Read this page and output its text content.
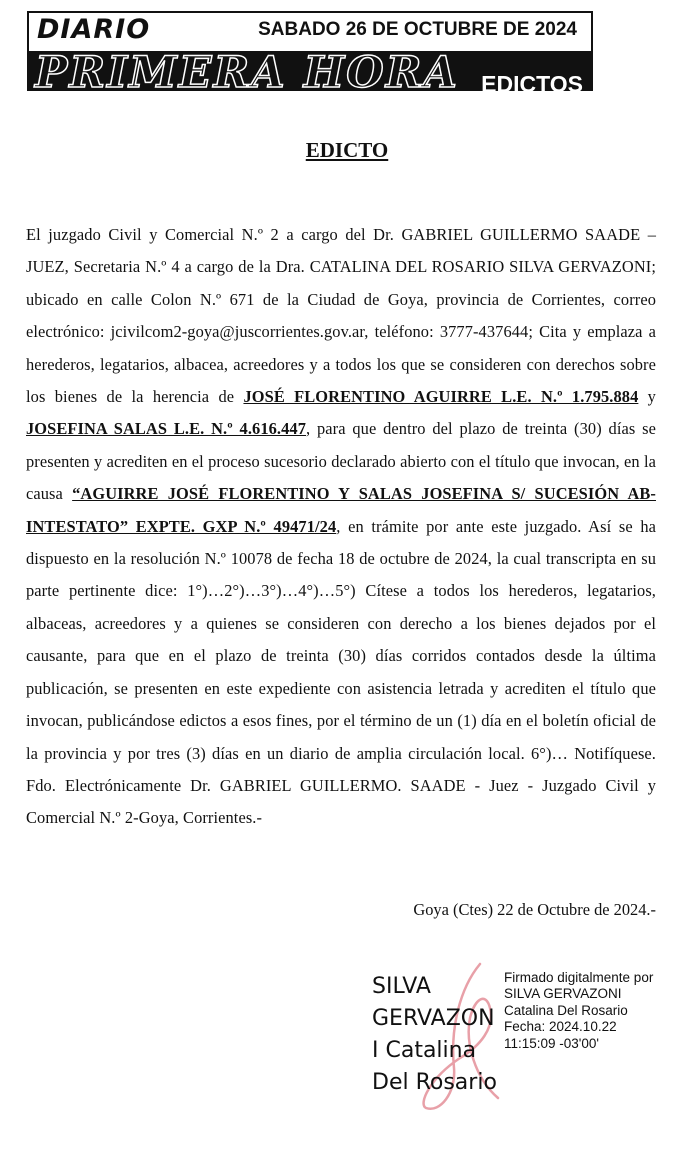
DIARIO	SABADO 26 DE OCTUBRE DE 2024
PRIMERA HORA EDICTOS
EDICTO
El juzgado Civil y Comercial N.º 2 a cargo del Dr. GABRIEL GUILLERMO SAADE – JUEZ, Secretaria N.º 4 a cargo de la Dra. CATALINA DEL ROSARIO SILVA GERVAZONI; ubicado en calle Colon N.º 671 de la Ciudad de Goya, provincia de Corrientes, correo electrónico: jcivilcom2-goya@juscorrientes.gov.ar, teléfono: 3777-437644; Cita y emplaza a herederos, legatarios, albacea, acreedores y a todos los que se consideren con derechos sobre los bienes de la herencia de JOSÉ FLORENTINO AGUIRRE L.E. N.º 1.795.884 y JOSEFINA SALAS L.E. N.º 4.616.447, para que dentro del plazo de treinta (30) días se presenten y acrediten en el proceso sucesorio declarado abierto con el título que invocan, en la causa “AGUIRRE JOSÉ FLORENTINO Y SALAS JOSEFINA S/ SUCESIÓN AB-INTESTATO” EXPTE. GXP N.º 49471/24, en trámite por ante este juzgado. Así se ha dispuesto en la resolución N.º 10078 de fecha 18 de octubre de 2024, la cual transcripta en su parte pertinente dice: 1°)…2°)…3°)…4°)…5°) Cítese a todos los herederos, legatarios, albaceas, acreedores y a quienes se consideren con derecho a los bienes dejados por el causante, para que en el plazo de treinta (30) días corridos contados desde la última publicación, se presenten en este expediente con asistencia letrada y acrediten el título que invocan, publicándose edictos a esos fines, por el término de un (1) día en el boletín oficial de la provincia y por tres (3) días en un diario de amplia circulación local. 6°)… Notifíquese. Fdo. Electrónicamente Dr. GABRIEL GUILLERMO. SAADE - Juez - Juzgado Civil y Comercial N.º 2-Goya, Corrientes.-
Goya (Ctes) 22 de Octubre de 2024.-
SILVA
GERVAZON
I Catalina
Del Rosario
Firmado digitalmente por SILVA GERVAZONI Catalina Del Rosario Fecha: 2024.10.22 11:15:09 -03'00'
